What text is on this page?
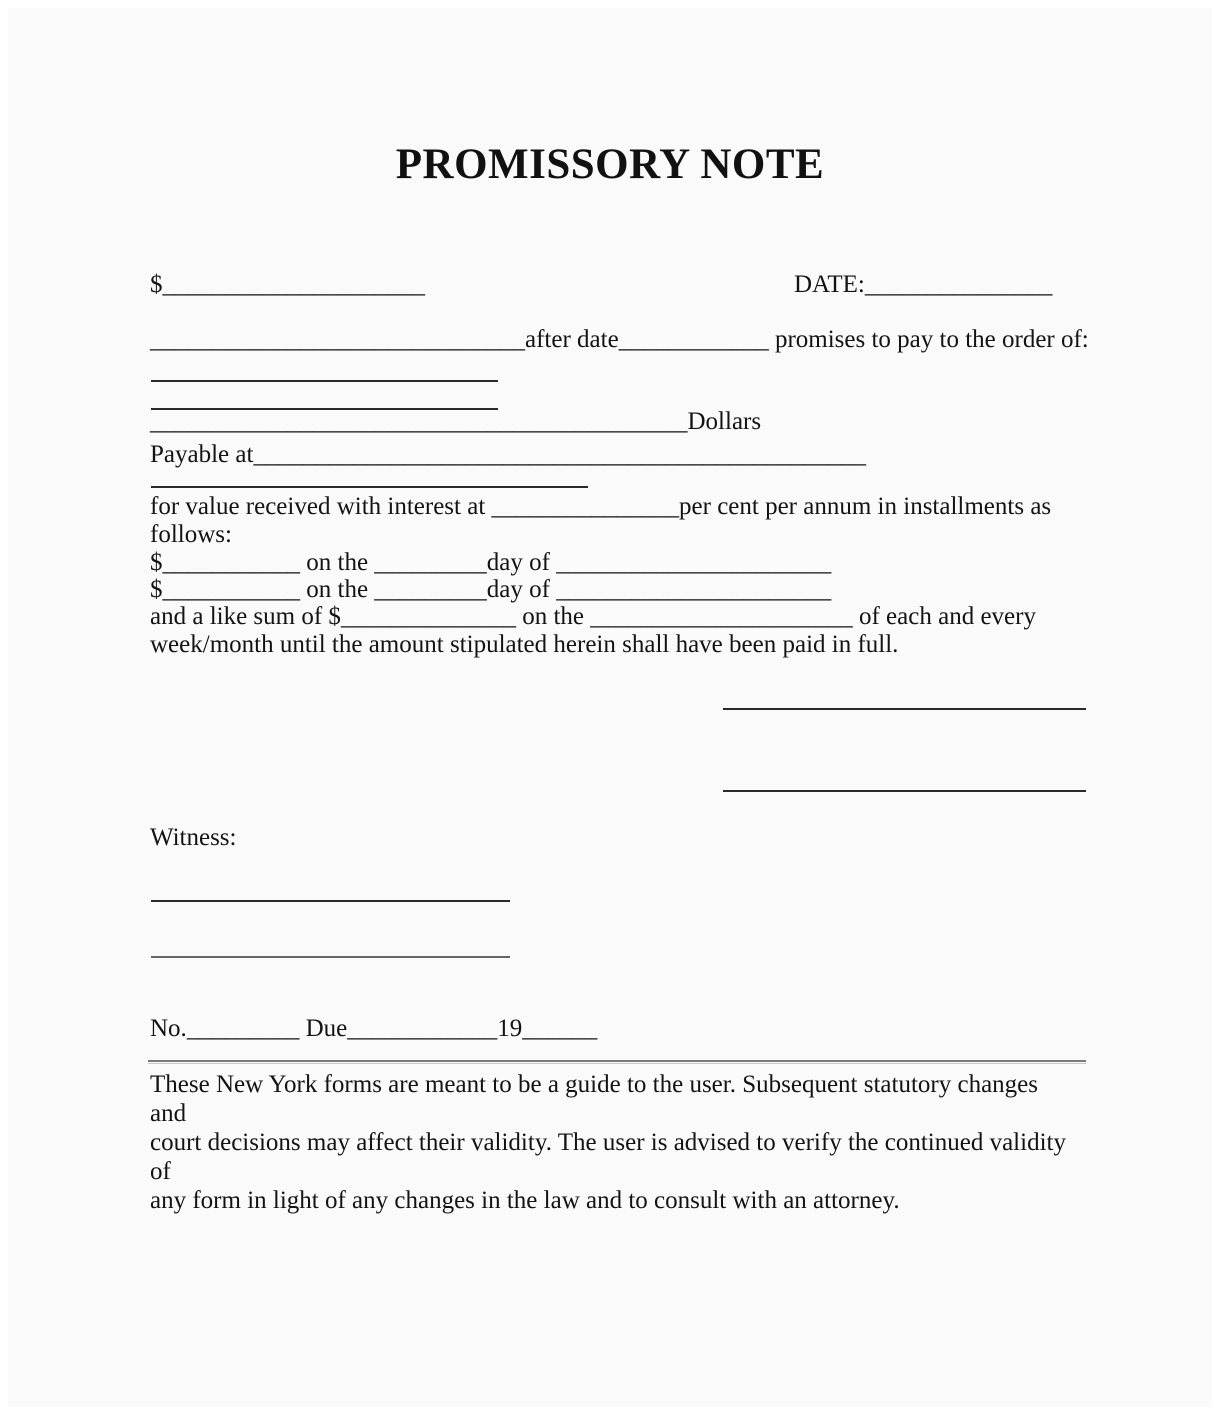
PROMISSORY NOTE
$_____________________	DATE:_______________
______________________________after date____________ promises to pay to the order of:
___________________________________________Dollars
Payable at_________________________________________________
for value received with interest at _______________per cent per annum in installments as
follows:
$___________ on the _________day of ______________________
$___________ on the _________day of ______________________
and a like sum of $______________ on the _____________________ of each and every
week/month until the amount stipulated herein shall have been paid in full.
Witness:
No._________ Due____________19______

These New York forms are meant to be a guide to the user. Subsequent statutory changes and

court decisions may affect their validity. The user is advised to verify the continued validity of

any form in light of any changes in the law and to consult with an attorney.
